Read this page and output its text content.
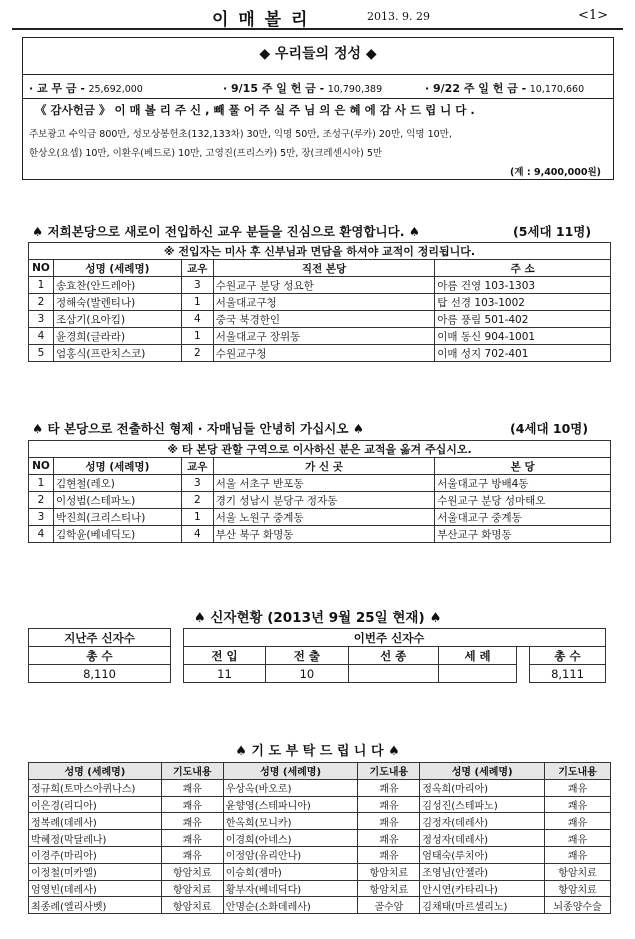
이 매 볼 리	2013. 9. 29	<1>
◆ 우리들의 정성 ◆
· 교 무 금 - 25,692,000	· 9/15 주 일 헌 금 - 10,790,389	· 9/22 주 일 헌 금 - 10,170,660
《 감사헌금 》 이 매 볼 리 주 신 , 빼 풀 어 주 실 주 님 의 은 혜 에 감 사 드 립 니 다 .
주보광고 수익금 800만, 성모상봉헌초(132,133차) 30만, 익명 50만, 조성구(루카) 20만, 익명 10만,
한상오(요셉) 10만, 이환우(베드로) 10만, 고영진(프리스카) 5만, 장(크레센시아) 5만
(계 : 9,400,000원)
♠ 저희본당으로 새로이 전입하신 교우 분들을 진심으로 환영합니다. ♠	(5세대 11명)
※ 전입자는 미사 후 신부님과 면담을 하셔야 교적이 정리됩니다.				
NO	성명 (세례명)	교우	직전 본당	주 소
1	송효찬(안드레아)	3	수원교구 분당 성요한	아름 건영 103-1303
2	정해숙(발렌티나)	1	서울대교구청	탑 선경 103-1002
3	조삼기(요아킴)	4	중국 북경한인	아름 풍림 501-402
4	윤경희(글라라)	1	서울대교구 장위동	이매 동신 904-1001
5	엄홍식(프란치스코)	2	수원교구청	이매 성지 702-401
♠ 타 본당으로 전출하신 형제 · 자매님들 안녕히 가십시오 ♠	(4세대 10명)
※ 타 본당 관할 구역으로 이사하신 분은 교적을 옮겨 주십시오.				
NO	성명 (세례명)	교우	가 신 곳	본 당
1	김현철(레오)	3	서울 서초구 반포동	서울대교구 방배4동
2	이성범(스테파노)	2	경기 성남시 분당구 정자동	수원교구 분당 성마태오
3	박진희(크리스티나)	1	서울 노원구 중계동	서울대교구 중계동
4	김학윤(베네딕도)	4	부산 북구 화명동	부산교구 화명동
♠ 신자현황 (2013년 9월 25일 현재) ♠
지난주 신자수		이번주 신자수					
총 수		전 입	전 출	선 종	세 례		총 수
8,110		11	10				8,111
♠ 기 도 부 탁 드 립 니 다 ♠
성명 (세례명)	기도내용	성명 (세례명)	기도내용	성명 (세례명)	기도내용
정규희(토마스아퀴나스)	쾌유	우상옥(바오로)	쾌유	정옥희(마리아)	쾌유
이은경(리디아)	쾌유	윤향영(스테파니아)	쾌유	김성진(스테파노)	쾌유
정복례(데레사)	쾌유	한옥희(모니카)	쾌유	김정자(데레사)	쾌유
박혜정(막달레나)	쾌유	이경희(아네스)	쾌유	정성자(데레사)	쾌유
이경주(마리아)	쾌유	이정암(유리안나)	쾌유	엄태숙(루치아)	쾌유
이정철(미카엘)	항암치료	이승희(젬마)	항암치료	조영님(안젤라)	항암치료
엄영빈(데레사)	항암치료	황부자(베네딕다)	항암치료	안시연(카타리나)	항암치료
최종례(엘리사벳)	항암치료	안명순(소화데레사)	골수암	김채태(마르셀리노)	뇌종양수술
